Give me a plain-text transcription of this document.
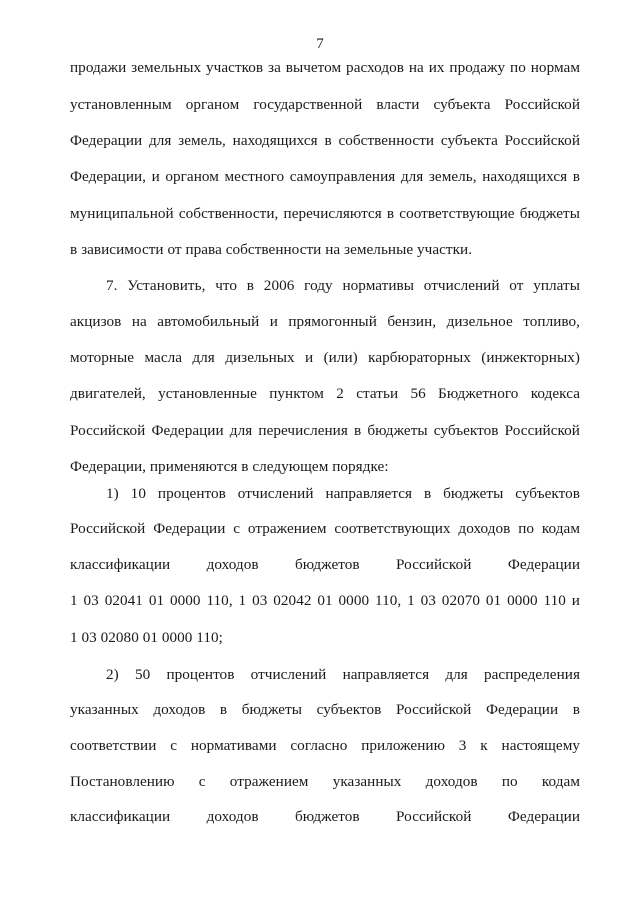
7
продажи земельных участков за вычетом расходов на их продажу по нормам
установленным органом государственной власти субъекта Российской
Федерации для земель, находящихся в собственности субъекта Российской
Федерации, и органом местного самоуправления для земель, находящихся в
муниципальной собственности, перечисляются в соответствующие бюджеты
в зависимости от права собственности на земельные участки.
7. Установить, что в 2006 году нормативы отчислений от уплаты
акцизов на автомобильный и прямогонный бензин, дизельное топливо,
моторные масла для дизельных и (или) карбюраторных (инжекторных)
двигателей, установленные пунктом 2 статьи 56 Бюджетного кодекса
Российской Федерации для перечисления в бюджеты субъектов Российской
Федерации, применяются в следующем порядке:
1) 10 процентов отчислений направляется в бюджеты субъектов
Российской Федерации с отражением соответствующих доходов по кодам
классификации доходов бюджетов Российской Федерации
1 03 02041 01 0000 110, 1 03 02042 01 0000 110, 1 03 02070 01 0000 110 и
1 03 02080 01 0000 110;
2) 50 процентов отчислений направляется для распределения
указанных доходов в бюджеты субъектов Российской Федерации в
соответствии с нормативами согласно приложению 3 к настоящему
Постановлению с отражением указанных доходов по кодам
классификации доходов бюджетов Российской Федерации
